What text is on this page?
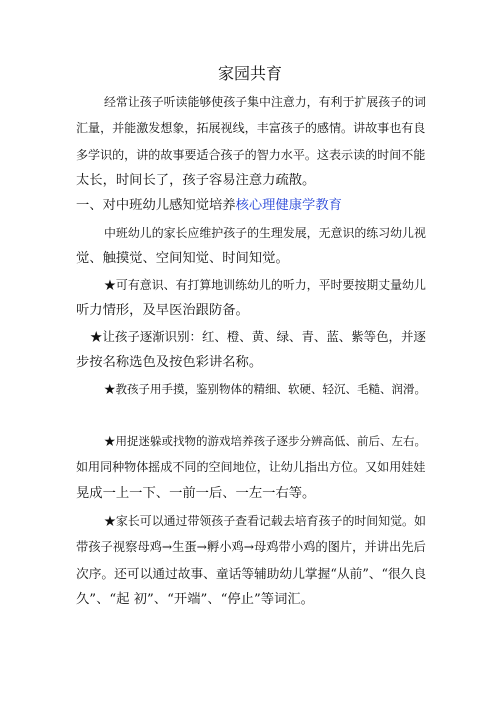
家园共育
经常让孩子听读能够使孩子集中注意力，有利于扩展孩子的词
汇量，并能激发想象，拓展视线，丰富孩子的感情。讲故事也有良
多学识的，讲的故事要适合孩子的智力水平。这表示读的时间不能
太长，时间长了，孩子容易注意力疏散。
一、对中班幼儿感知觉培养核心理健康学教育
中班幼儿的家长应维护孩子的生理发展，无意识的练习幼儿视
觉、触摸觉、空间知觉、时间知觉。
★可有意识、有打算地训练幼儿的听力，平时要按期丈量幼儿
听力情形，及早医治跟防备。
★让孩子逐渐识别：红、橙、黄、绿、青、蓝、紫等色，并逐
步按名称选色及按色彩讲名称。
★教孩子用手摸，鉴别物体的精细、软硬、轻沉、毛糙、润滑。
★用捉迷躲或找物的游戏培养孩子逐步分辨高低、前后、左右。
如用同种物体摇成不同的空间地位，让幼儿指出方位。又如用娃娃
晃成一上一下、一前一后、一左一右等。
★家长可以通过带领孩子查看记载去培育孩子的时间知觉。如
带孩子视察母鸡→生蛋→孵小鸡→母鸡带小鸡的图片，并讲出先后
次序。还可以通过故事、童话等辅助幼儿掌握“从前”、“很久良
久”、“起 初”、“开端”、“停止”等词汇。
